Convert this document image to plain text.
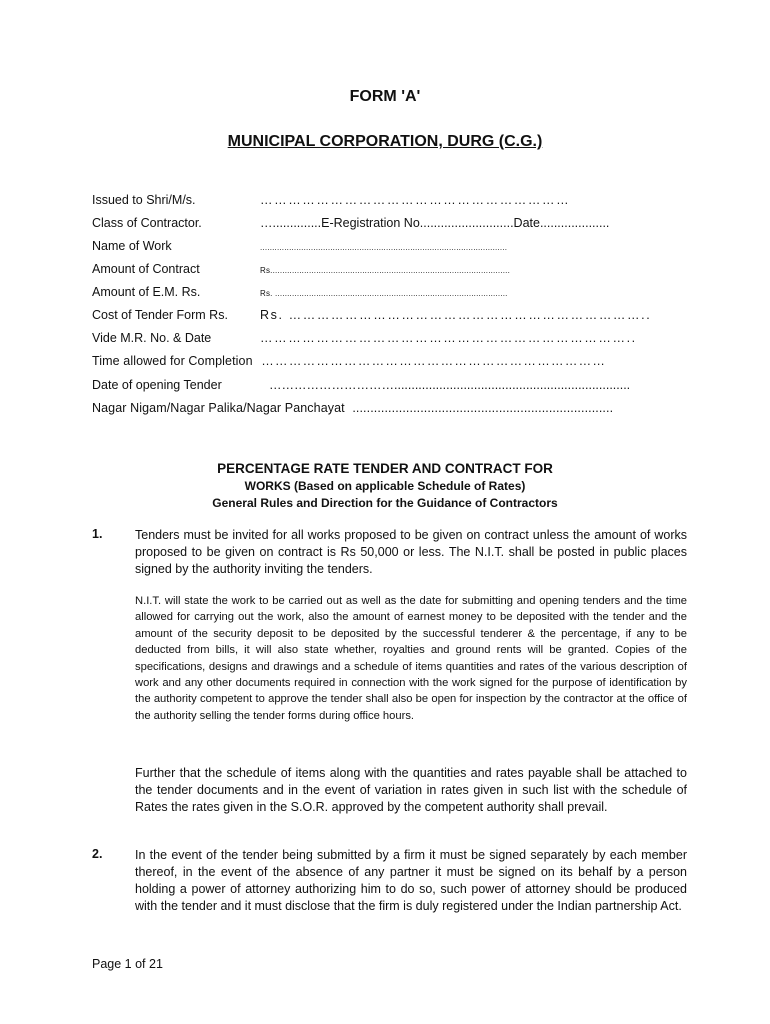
FORM 'A'
MUNICIPAL CORPORATION, DURG (C.G.)
Issued to Shri/M/s.	…………………………………………………………
Class of Contractor.	…..............E-Registration No...........................Date....................
Name of Work	......................................................................................................
Amount of Contract	Rs...................................................................................................
Amount of E.M. Rs.	Rs. ................................................................................................
Cost of Tender Form Rs.	Rs. …………………………………………………………………..
Vide M.R. No. & Date	……………………………………………………………………..
Time allowed for Completion …………………………………………………………………
Date of opening Tender	…………………………....................................................................
Nagar Nigam/Nagar Palika/Nagar Panchayat .........................................................................
PERCENTAGE RATE TENDER AND CONTRACT FOR
WORKS (Based on applicable Schedule of Rates)
General Rules and Direction for the Guidance of Contractors
1.	Tenders must be invited for all works proposed to be given on contract unless the amount of works proposed to be given on contract is Rs 50,000 or less. The N.I.T. shall be posted in public places signed by the authority inviting the tenders.
N.I.T. will state the work to be carried out as well as the date for submitting and opening tenders and the time allowed for carrying out the work, also the amount of earnest money to be deposited with the tender and the amount of the security deposit to be deposited by the successful tenderer & the percentage, if any to be deducted from bills, it will also state whether, royalties and ground rents will be granted. Copies of the specifications, designs and drawings and a schedule of items quantities and rates of the various description of work and any other documents required in connection with the work signed for the purpose of identification by the authority competent to approve the tender shall also be open for inspection by the contractor at the office of the authority selling the tender forms during office hours.
Further that the schedule of items along with the quantities and rates payable shall be attached to the tender documents and in the event of variation in rates given in such list with the schedule of Rates the rates given in the S.O.R. approved by the competent authority shall prevail.
2.	In the event of the tender being submitted by a firm it must be signed separately by each member thereof, in the event of the absence of any partner it must be signed on its behalf by a person holding a power of attorney authorizing him to do so, such power of attorney should be produced with the tender and it must disclose that the firm is duly registered under the Indian partnership Act.
Page 1 of 21
